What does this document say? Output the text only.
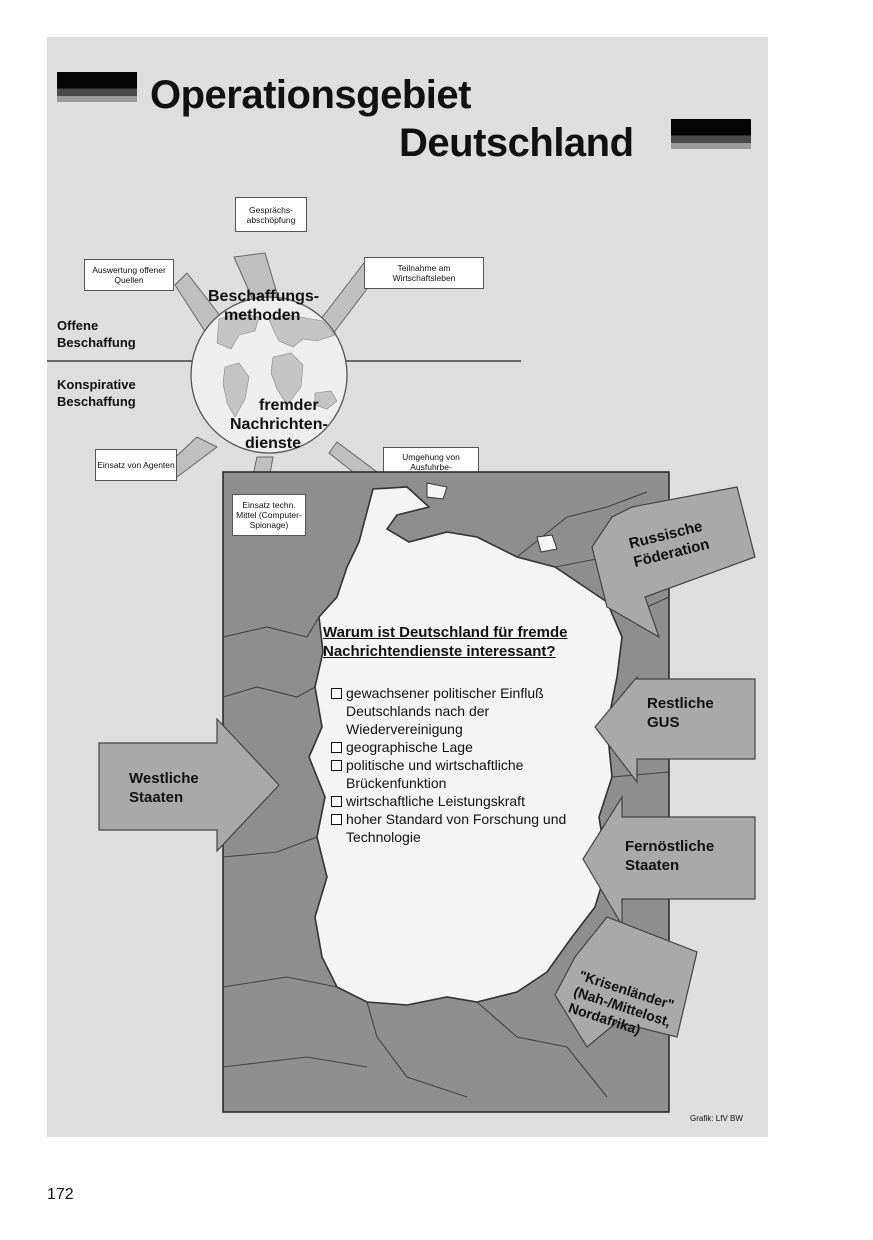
Operationsgebiet
Deutschland
Gesprächs-abschöpfung
Auswertung offener Quellen
Teilnahme am Wirtschaftsleben
Einsatz von Agenten
Umgehung von Ausfuhrbe-
Beschaffungs-
methoden
fremder
Nachrichten-
dienste
Offene Beschaffung
Konspirative Beschaffung
Einsatz techn. Mittel (Computer-Spionage)	Russische Föderation
Restliche GUS
Westliche Staaten
Fernöstliche Staaten
"Krisenländer" (Nah-/Mittelost, Nordafrika)
Warum ist Deutschland für fremde Nachrichtendienste interessant?
gewachsener politischer Einfluß Deutschlands nach der Wiedervereinigung
geographische Lage
politische und wirtschaftliche Brückenfunktion
wirtschaftliche Leistungskraft
hoher Standard von Forschung und Technologie
Grafik: LfV BW
172
